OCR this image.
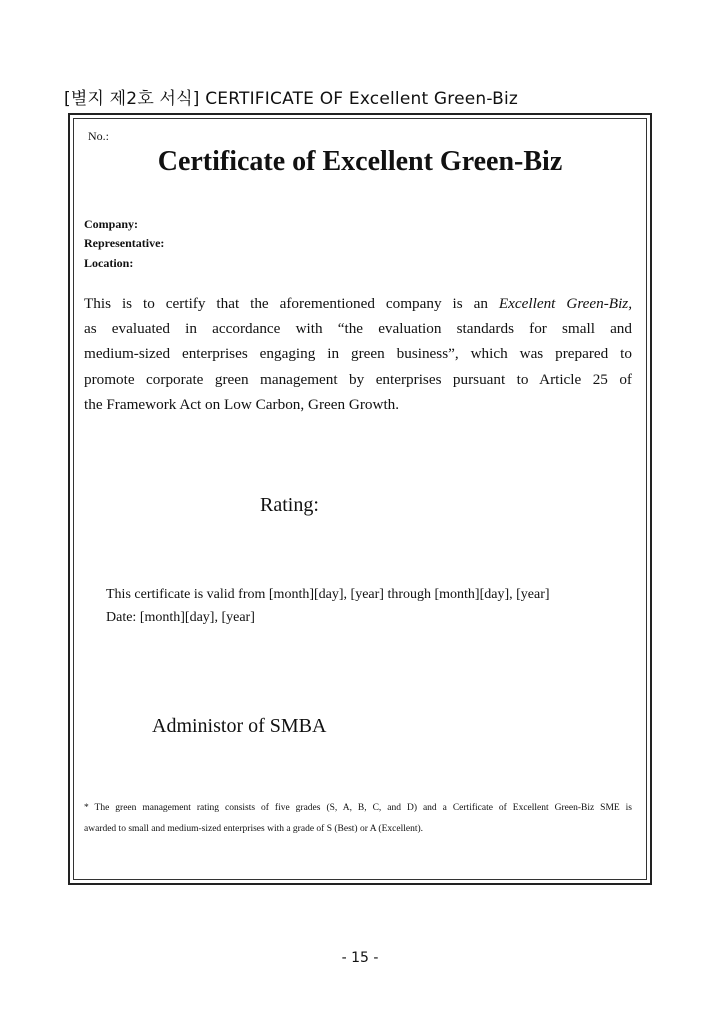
[별지 제2호 서식] CERTIFICATE OF Excellent Green-Biz
No.:
Certificate of Excellent Green-Biz
Company:
Representative:
Location:
This is to certify that the aforementioned company is an Excellent Green-Biz,
as evaluated in accordance with “the evaluation standards for small and
medium-sized enterprises engaging in green business”, which was prepared to
promote corporate green management by enterprises pursuant to Article 25 of
the Framework Act on Low Carbon, Green Growth.
Rating:
This certificate is valid from [month][day], [year] through [month][day], [year]
Date: [month][day], [year]
Administor of SMBA
* The green management rating consists of five grades (S, A, B, C, and D) and a Certificate of Excellent Green-Biz SME is
awarded to small and medium-sized enterprises with a grade of S (Best) or A (Excellent).
- 15 -
